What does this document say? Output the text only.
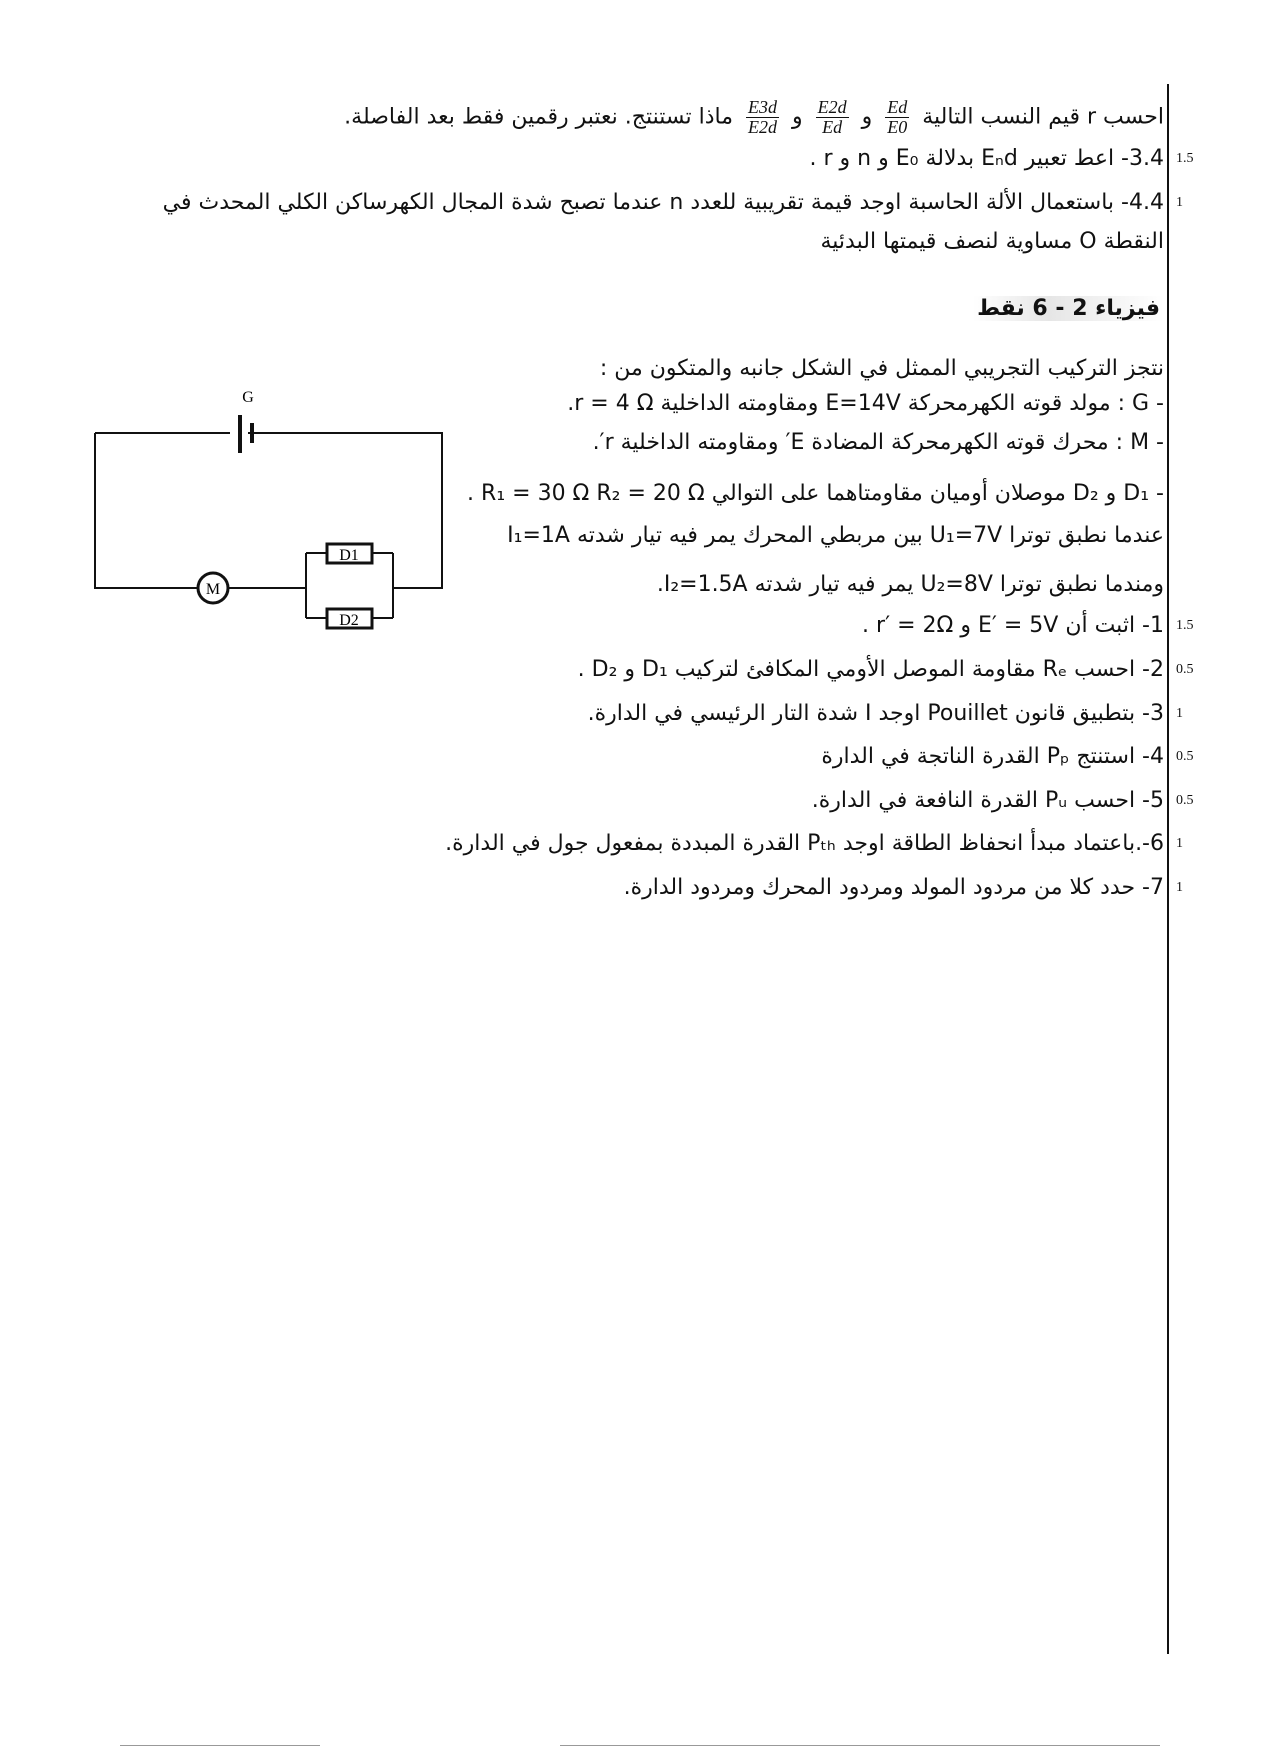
احسب r قيم النسب التالية
$\frac{Ed}{E0}$
و
$\frac{E2d}{Ed}$
و
$\frac{E3d}{E2d}$
ماذا تستنتج. نعتبر رقمين فقط بعد الفاصلة.
3.4- اعط تعبير Eₙd بدلالة E₀ و n و r . 1.5
4.4- باستعمال الألة الحاسبة اوجد قيمة تقريبية للعدد n عندما تصبح شدة المجال الكهرساكن الكلي المحدث في 1
النقطة O مساوية لنصف قيمتها البدئية
فيزياء 2 - 6 نقط
نتجز التركيب التجريبي الممثل في الشكل جانبه والمتكون من :
- G : مولد قوته الكهرمحركة E=14V ومقاومته الداخلية r = 4 Ω.
- M : محرك قوته الكهرمحركة المضادة E′ ومقاومته الداخلية r′.
- D₁ و D₂ موصلان أوميان مقاومتاهما على التوالي R₁ = 30 Ω R₂ = 20 Ω .
عندما نطبق توترا U₁=7V بين مربطي المحرك يمر فيه تيار شدته I₁=1A
ومندما نطبق توترا U₂=8V يمر فيه تيار شدته I₂=1.5A.
1- اثبت أن E′ = 5V و r′ = 2Ω . 1.5
2- احسب Rₑ مقاومة الموصل الأومي المكافئ لتركيب D₁ و D₂ . 0.5
3- بتطبيق قانون Pouillet اوجد I شدة التار الرئيسي في الدارة. 1
4- استنتج Pₚ القدرة الناتجة في الدارة 0.5
5- احسب Pᵤ القدرة النافعة في الدارة. 0.5
6-.باعتماد مبدأ انحفاظ الطاقة اوجد Pₜₕ القدرة المبددة بمفعول جول في الدارة. 1
7- حدد كلا من مردود المولد ومردود المحرك ومردود الدارة. 1
G
M
D1
D2
